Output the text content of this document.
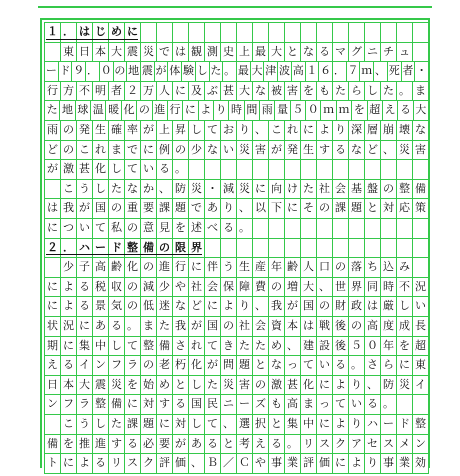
１ ． は じ め に

東 日 本 大 震 災 で は 観 測 史 上 最 大 と な る マ グ ニ チ ュ
ー ド ９ ． ０ の 地 震 が 体 験 し た 。 最 大 津 波 高 １ ６ ． ７ ｍ 、 死 者 ・
行 方 不 明 者 ２ 万 人 に 及 ぶ 甚 大 な 被 害 を も た ら し た 。 ま
た 地 球 温 暖 化 の 進 行 に よ り 時 間 雨 量 ５ ０ ｍ ｍ を 超 え る 大
雨 の 発 生 確 率 が 上 昇 し て お り 、 こ れ に よ り 深 層 崩 壊 な
ど の こ れ ま で に 例 の 少 な い 災 害 が 発 生 す る な ど 、 災 害
が 激 甚 化 し て い る 。

こ う し た な か 、 防 災 ・ 減 災 に 向 け た 社 会 基 盤 の 整 備
は 我 が 国 の 重 要 課 題 で あ り 、 以 下 に そ の 課 題 と 対 応 策
に つ い て 私 の 意 見 を 述 べ る 。
２ ． ハ ー ド 整 備 の 限 界

少 子 高 齢 化 の 進 行 に 伴 う 生 産 年 齢 人 口 の 落 ち 込 み
に よ る 税 収 の 減 少 や 社 会 保 障 費 の 増 大 、 世 界 同 時 不 況
に よ る 景 気 の 低 迷 な ど に よ り 、 我 が 国 の 財 政 は 厳 し い
状 況 に あ る 。 ま た 我 が 国 の 社 会 資 本 は 戦 後 の 高 度 成 長
期 に 集 中 し て 整 備 さ れ て き た た め 、 建 設 後 ５ ０ 年 を 超
え る イ ン フ ラ の 老 朽 化 が 問 題 と な っ て い る 。 さ ら に 東
日 本 大 震 災 を 始 め と し た 災 害 の 激 甚 化 に よ り 、 防 災 イ
ン フ ラ 整 備 に 対 す る 国 民 ニ ー ズ も 高 ま っ て い る 。

こ う し た 課 題 に 対 し て 、 選 択 と 集 中 に よ り ハ ー ド 整
備 を 推 進 す る 必 要 が あ る と 考 え る 。 リ ス ク ア セ ス メ ン
ト に よ る リ ス ク 評 価 、 Ｂ ／ Ｃ や 事 業 評 価 に よ り 事 業 効
